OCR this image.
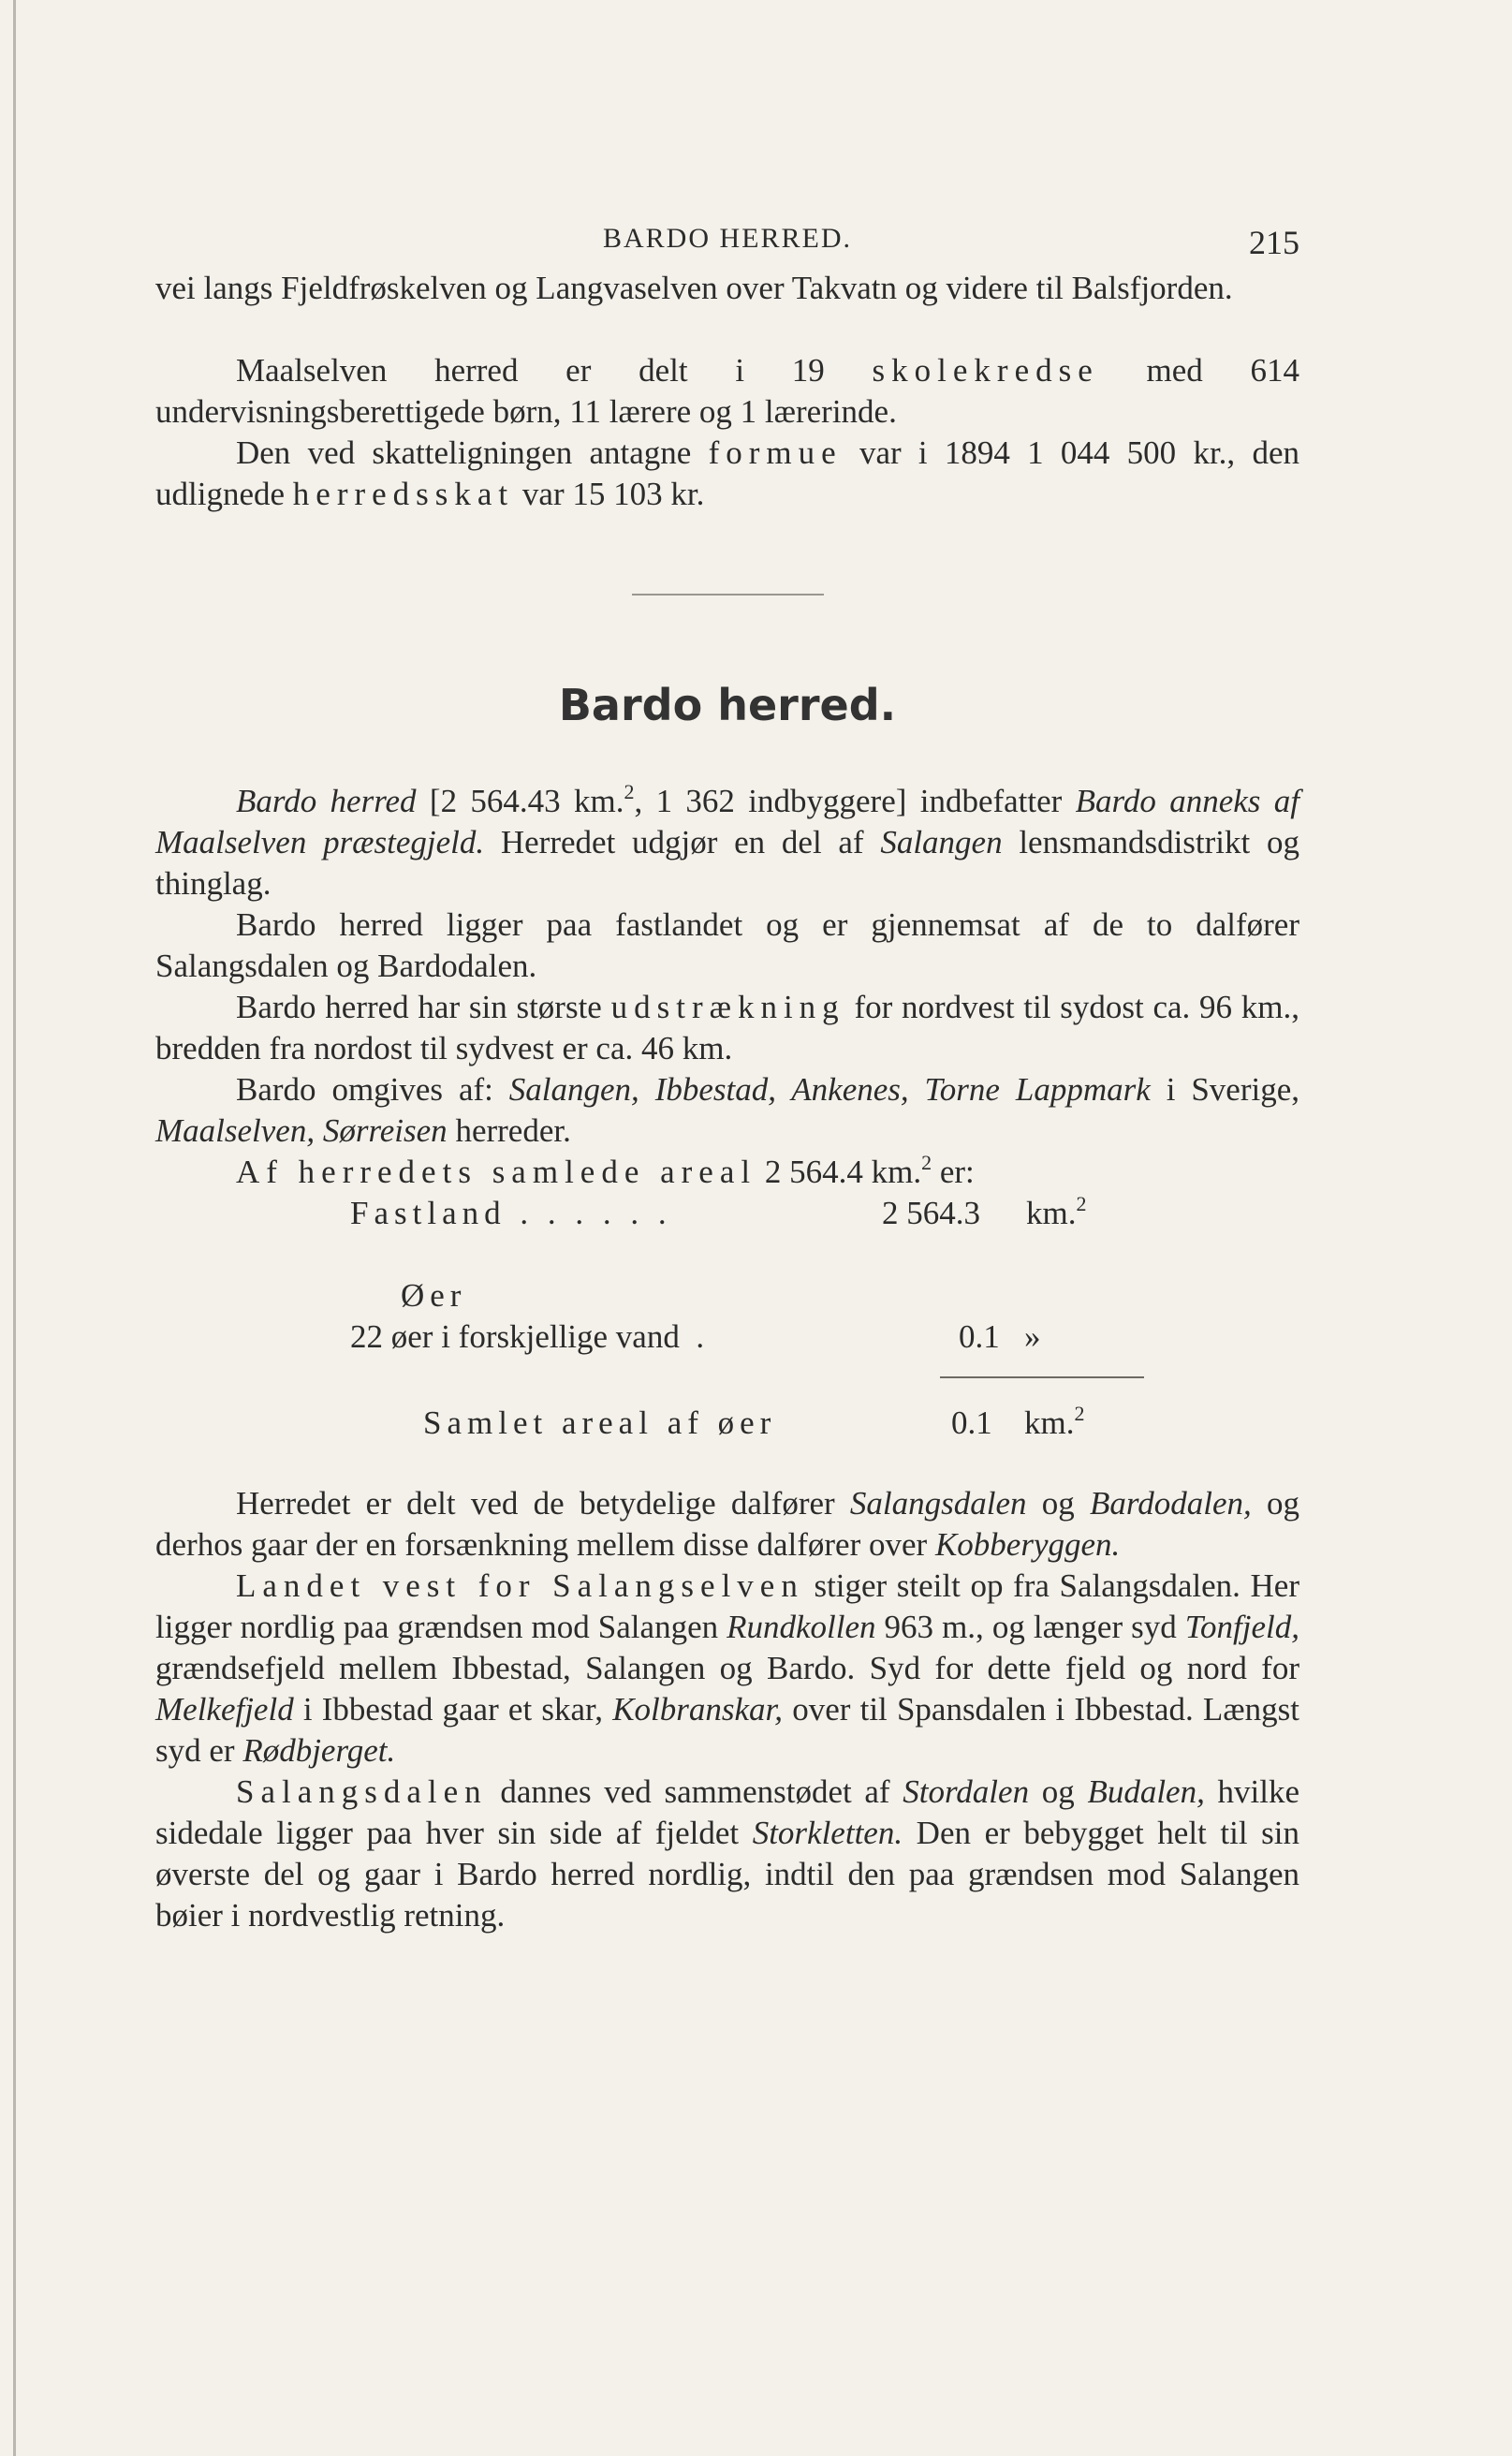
BARDO HERRED.	215

vei langs Fjeldfrøskelven og Langvaselven over Takvatn og videre til Balsfjorden.

Maalselven herred er delt i 19 skolekredse med 614 undervisningsberettigede børn, 11 lærere og 1 lærerinde.

Den ved skatteligningen antagne formue var i 1894 1 044 500 kr., den udlignede herredsskat var 15 103 kr.

Bardo herred.

Bardo herred [2 564.43 km.$^2$, 1 362 indbyggere] indbefatter Bardo anneks af Maalselven præstegjeld. Herredet udgjør en del af Salangen lensmandsdistrikt og thinglag.

Bardo herred ligger paa fastlandet og er gjennemsat af de to dalfører Salangsdalen og Bardodalen.

Bardo herred har sin største udstrækning for nordvest til sydost ca. 96 km., bredden fra nordost til sydvest er ca. 46 km.

Bardo omgives af: Salangen, Ibbestad, Ankenes, Torne Lappmark i Sverige, Maalselven, Sørreisen herreder.

Af herredets samlede areal 2 564.4 km.$^2$ er:

Fastland . . . . . .	2 564.3 km.$^2$
Øer
22 øer i forskjellige vand  .	0.1 »
Samlet areal af øer	0.1 km.$^2$

Herredet er delt ved de betydelige dalfører Salangsdalen og Bardodalen, og derhos gaar der en forsænkning mellem disse dalfører over Kobberyggen.

Landet vest for Salangselven stiger steilt op fra Salangsdalen. Her ligger nordlig paa grændsen mod Salangen Rundkollen 963 m., og længer syd Tonfjeld, grændsefjeld mellem Ibbestad, Salangen og Bardo. Syd for dette fjeld og nord for Melkefjeld i Ibbestad gaar et skar, Kolbranskar, over til Spansdalen i Ibbestad. Længst syd er Rødbjerget.

Salangsdalen dannes ved sammenstødet af Stordalen og Budalen, hvilke sidedale ligger paa hver sin side af fjeldet Storkletten. Den er bebygget helt til sin øverste del og gaar i Bardo herred nordlig, indtil den paa grændsen mod Salangen bøier i nordvestlig retning.
